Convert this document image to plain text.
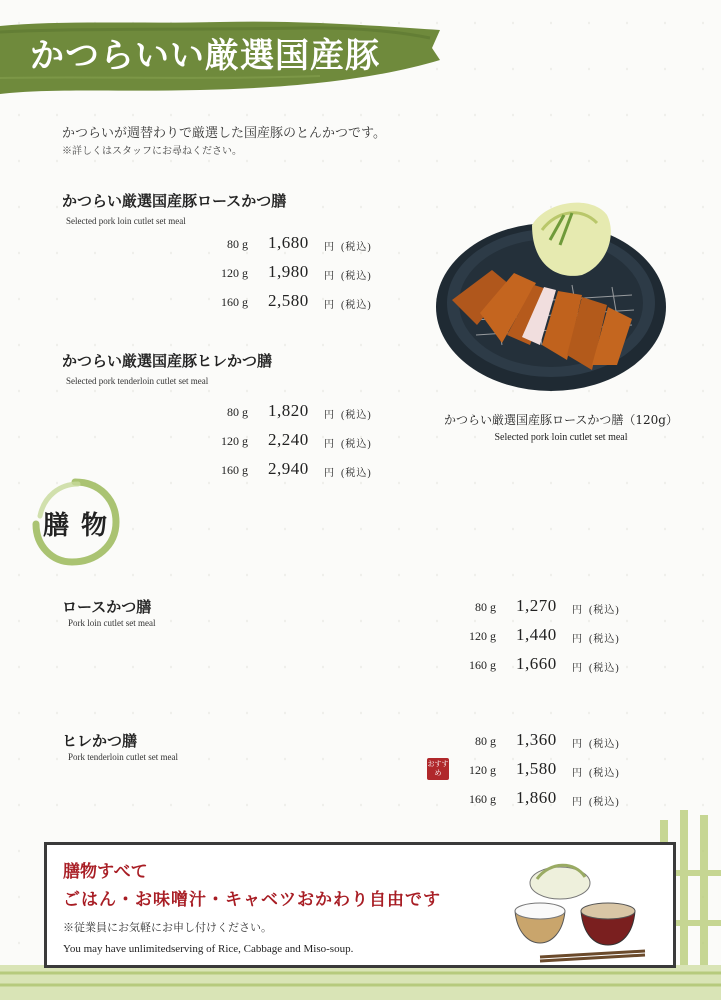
かつらいい厳選国産豚
かつらいが週替わりで厳選した国産豚のとんかつです。
※詳しくはスタッフにお尋ねください。
かつらい厳選国産豚ロースかつ膳
Selected pork loin cutlet set meal
かつらい厳選国産豚ヒレかつ膳
Selected pork tenderloin cutlet set meal
80 g 1,680 円 (税込)
120 g 1,980 円 (税込)
160 g 2,580 円 (税込)
80 g 1,820 円 (税込)
120 g 2,240 円 (税込)
160 g 2,940 円 (税込)
かつらい厳選国産豚ロースかつ膳（120g）
Selected pork loin cutlet set meal
膳物
ロースかつ膳
Pork loin cutlet set meal
ヒレかつ膳
Pork tenderloin cutlet set meal
おすすめ
80 g 1,270 円 (税込)
120 g 1,440 円 (税込)
160 g 1,660 円 (税込)
80 g 1,360 円 (税込)
120 g 1,580 円 (税込)
160 g 1,860 円 (税込)
膳物すべて
ごはん・お味噌汁・キャベツおかわり自由です
※従業員にお気軽にお申し付けください。
You may have unlimitedserving of Rice, Cabbage and Miso-soup.
